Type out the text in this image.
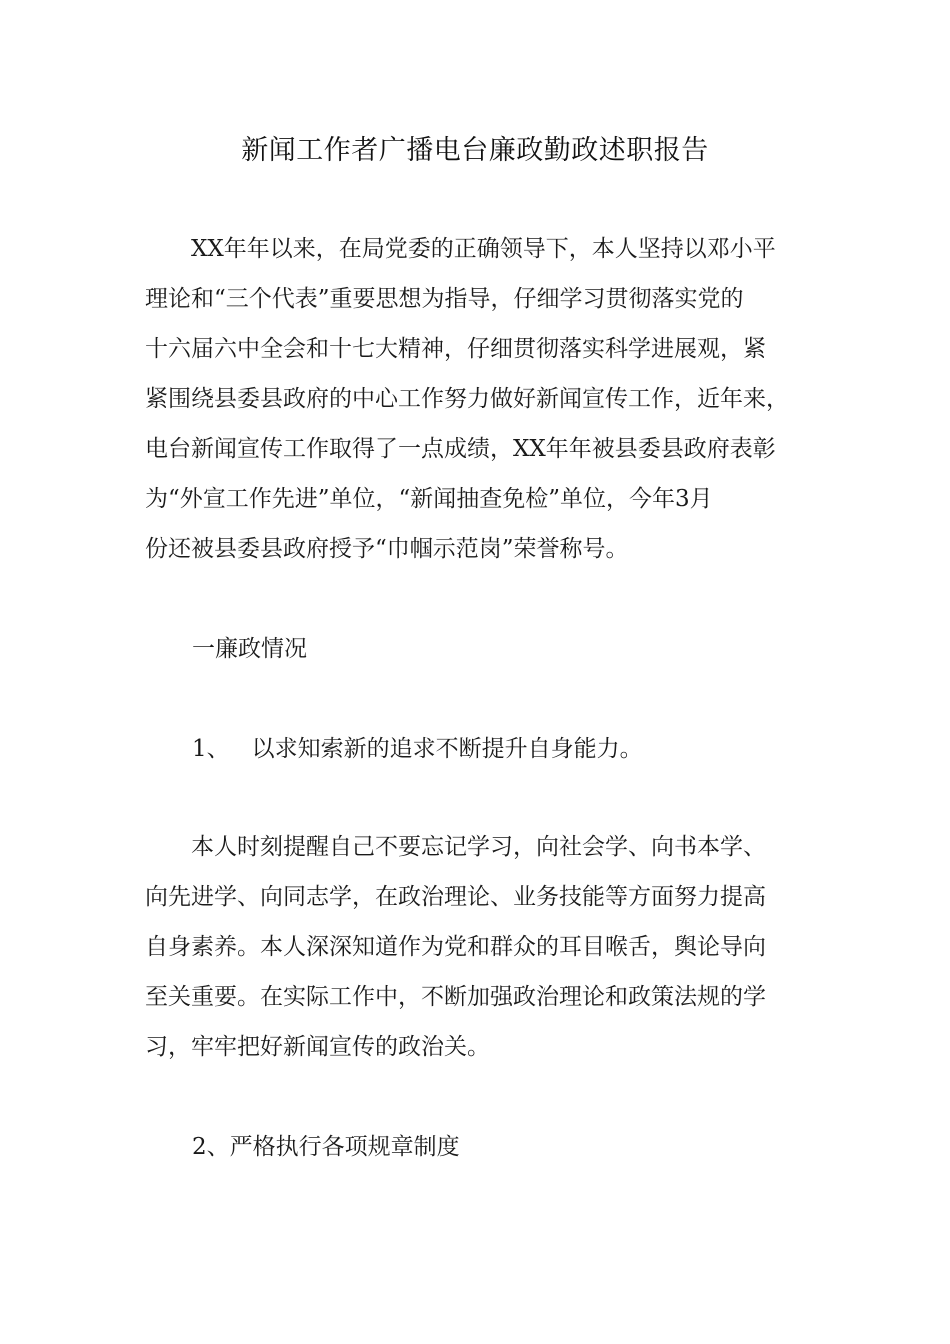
新闻工作者广播电台廉政勤政述职报告

XX年年以来，在局党委的正确领导下，本人坚持以邓小平
理论和“三个代表”重要思想为指导，仔细学习贯彻落实党的
十六届六中全会和十七大精神，仔细贯彻落实科学进展观，紧
紧围绕县委县政府的中心工作努力做好新闻宣传工作，近年来，
电台新闻宣传工作取得了一点成绩，XX年年被县委县政府表彰
为“外宣工作先进”单位，“新闻抽查免检”单位，今年3月
份还被县委县政府授予“巾帼示范岗”荣誉称号。

一廉政情况
1、 以求知索新的追求不断提升自身能力。

本人时刻提醒自己不要忘记学习，向社会学、向书本学、
向先进学、向同志学，在政治理论、业务技能等方面努力提高
自身素养。本人深深知道作为党和群众的耳目喉舌，舆论导向
至关重要。在实际工作中，不断加强政治理论和政策法规的学
习，牢牢把好新闻宣传的政治关。

2、严格执行各项规章制度
